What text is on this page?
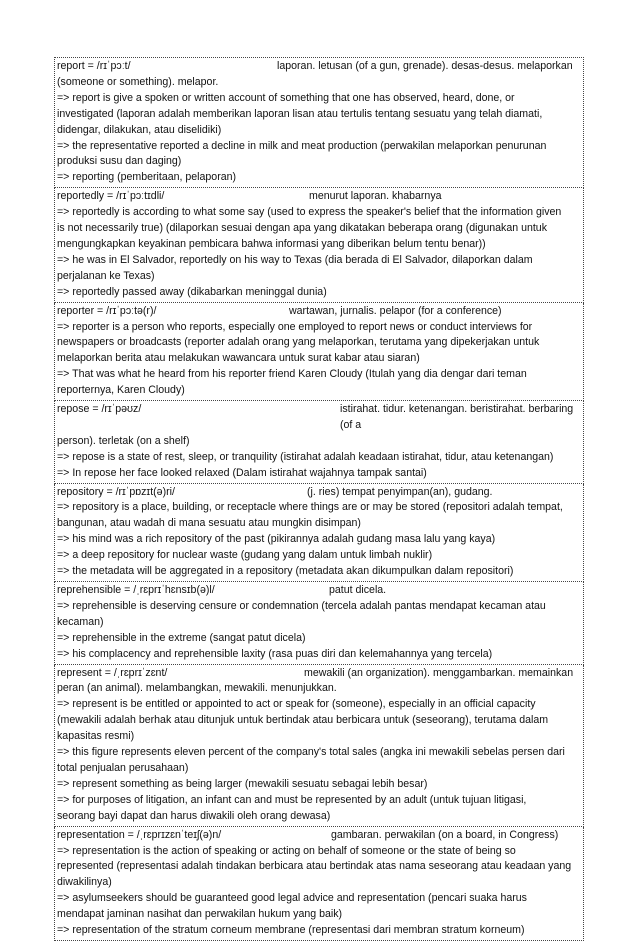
report = /rɪˈpɔːt/	laporan. letusan (of a gun, grenade). desas-desus. melaporkan
(someone or something). melapor.
=> report is give a spoken or written account of something that one has observed, heard, done, or
investigated (laporan adalah memberikan laporan lisan atau tertulis tentang sesuatu yang telah diamati,
didengar, dilakukan, atau diselidiki)
=> the representative reported a decline in milk and meat production (perwakilan melaporkan penurunan
produksi susu dan daging)
=> reporting (pemberitaan, pelaporan)
reportedly = /rɪˈpɔːtɪdli/	menurut laporan. khabarnya
=> reportedly is according to what some say (used to express the speaker's belief that the information given
is not necessarily true) (dilaporkan sesuai dengan apa yang dikatakan beberapa orang (digunakan untuk
mengungkapkan keyakinan pembicara bahwa informasi yang diberikan belum tentu benar))
=> he was in El Salvador, reportedly on his way to Texas (dia berada di El Salvador, dilaporkan dalam
perjalanan ke Texas)
=> reportedly passed away (dikabarkan meninggal dunia)
reporter = /rɪˈpɔːtə(r)/	wartawan, jurnalis. pelapor (for a conference)
=> reporter is a person who reports, especially one employed to report news or conduct interviews for
newspapers or broadcasts (reporter adalah orang yang melaporkan, terutama yang dipekerjakan untuk
melaporkan berita atau melakukan wawancara untuk surat kabar atau siaran)
=> That was what he heard from his reporter friend Karen Cloudy (Itulah yang dia dengar dari teman
reporternya, Karen Cloudy)
repose = /rɪˈpəʊz/	istirahat. tidur. ketenangan. beristirahat. berbaring (of a
person). terletak (on a shelf)
=> repose is a state of rest, sleep, or tranquility (istirahat adalah keadaan istirahat, tidur, atau ketenangan)
=> In repose her face looked relaxed (Dalam istirahat wajahnya tampak santai)
repository = /rɪˈpɒzɪt(ə)ri/	(j. ries) tempat penyimpan(an), gudang.
=> repository is a place, building, or receptacle where things are or may be stored (repositori adalah tempat,
bangunan, atau wadah di mana sesuatu atau mungkin disimpan)
=> his mind was a rich repository of the past (pikirannya adalah gudang masa lalu yang kaya)
=> a deep repository for nuclear waste (gudang yang dalam untuk limbah nuklir)
=> the metadata will be aggregated in a repository (metadata akan dikumpulkan dalam repositori)
reprehensible = /ˌrɛprɪˈhɛnsɪb(ə)l/	patut dicela.
=> reprehensible is deserving censure or condemnation (tercela adalah pantas mendapat kecaman atau
kecaman)
=> reprehensible in the extreme (sangat patut dicela)
=> his complacency and reprehensible laxity (rasa puas diri dan kelemahannya yang tercela)
represent = /ˌrɛprɪˈzɛnt/	mewakili (an organization). menggambarkan. memainkan
peran (an animal). melambangkan, mewakili. menunjukkan.
=> represent is be entitled or appointed to act or speak for (someone), especially in an official capacity
(mewakili adalah berhak atau ditunjuk untuk bertindak atau berbicara untuk (seseorang), terutama dalam
kapasitas resmi)
=> this figure represents eleven percent of the company's total sales (angka ini mewakili sebelas persen dari
total penjualan perusahaan)
=> represent something as being larger (mewakili sesuatu sebagai lebih besar)
=> for purposes of litigation, an infant can and must be represented by an adult (untuk tujuan litigasi,
seorang bayi dapat dan harus diwakili oleh orang dewasa)
representation = /ˌrɛprɪzɛnˈteɪʃ(ə)n/	gambaran. perwakilan (on a board, in Congress)
=> representation is the action of speaking or acting on behalf of someone or the state of being so
represented (representasi adalah tindakan berbicara atau bertindak atas nama seseorang atau keadaan yang
diwakilinya)
=> asylumseekers should be guaranteed good legal advice and representation (pencari suaka harus
mendapat jaminan nasihat dan perwakilan hukum yang baik)
=> representation of the stratum corneum membrane (representasi dari membran stratum korneum)
